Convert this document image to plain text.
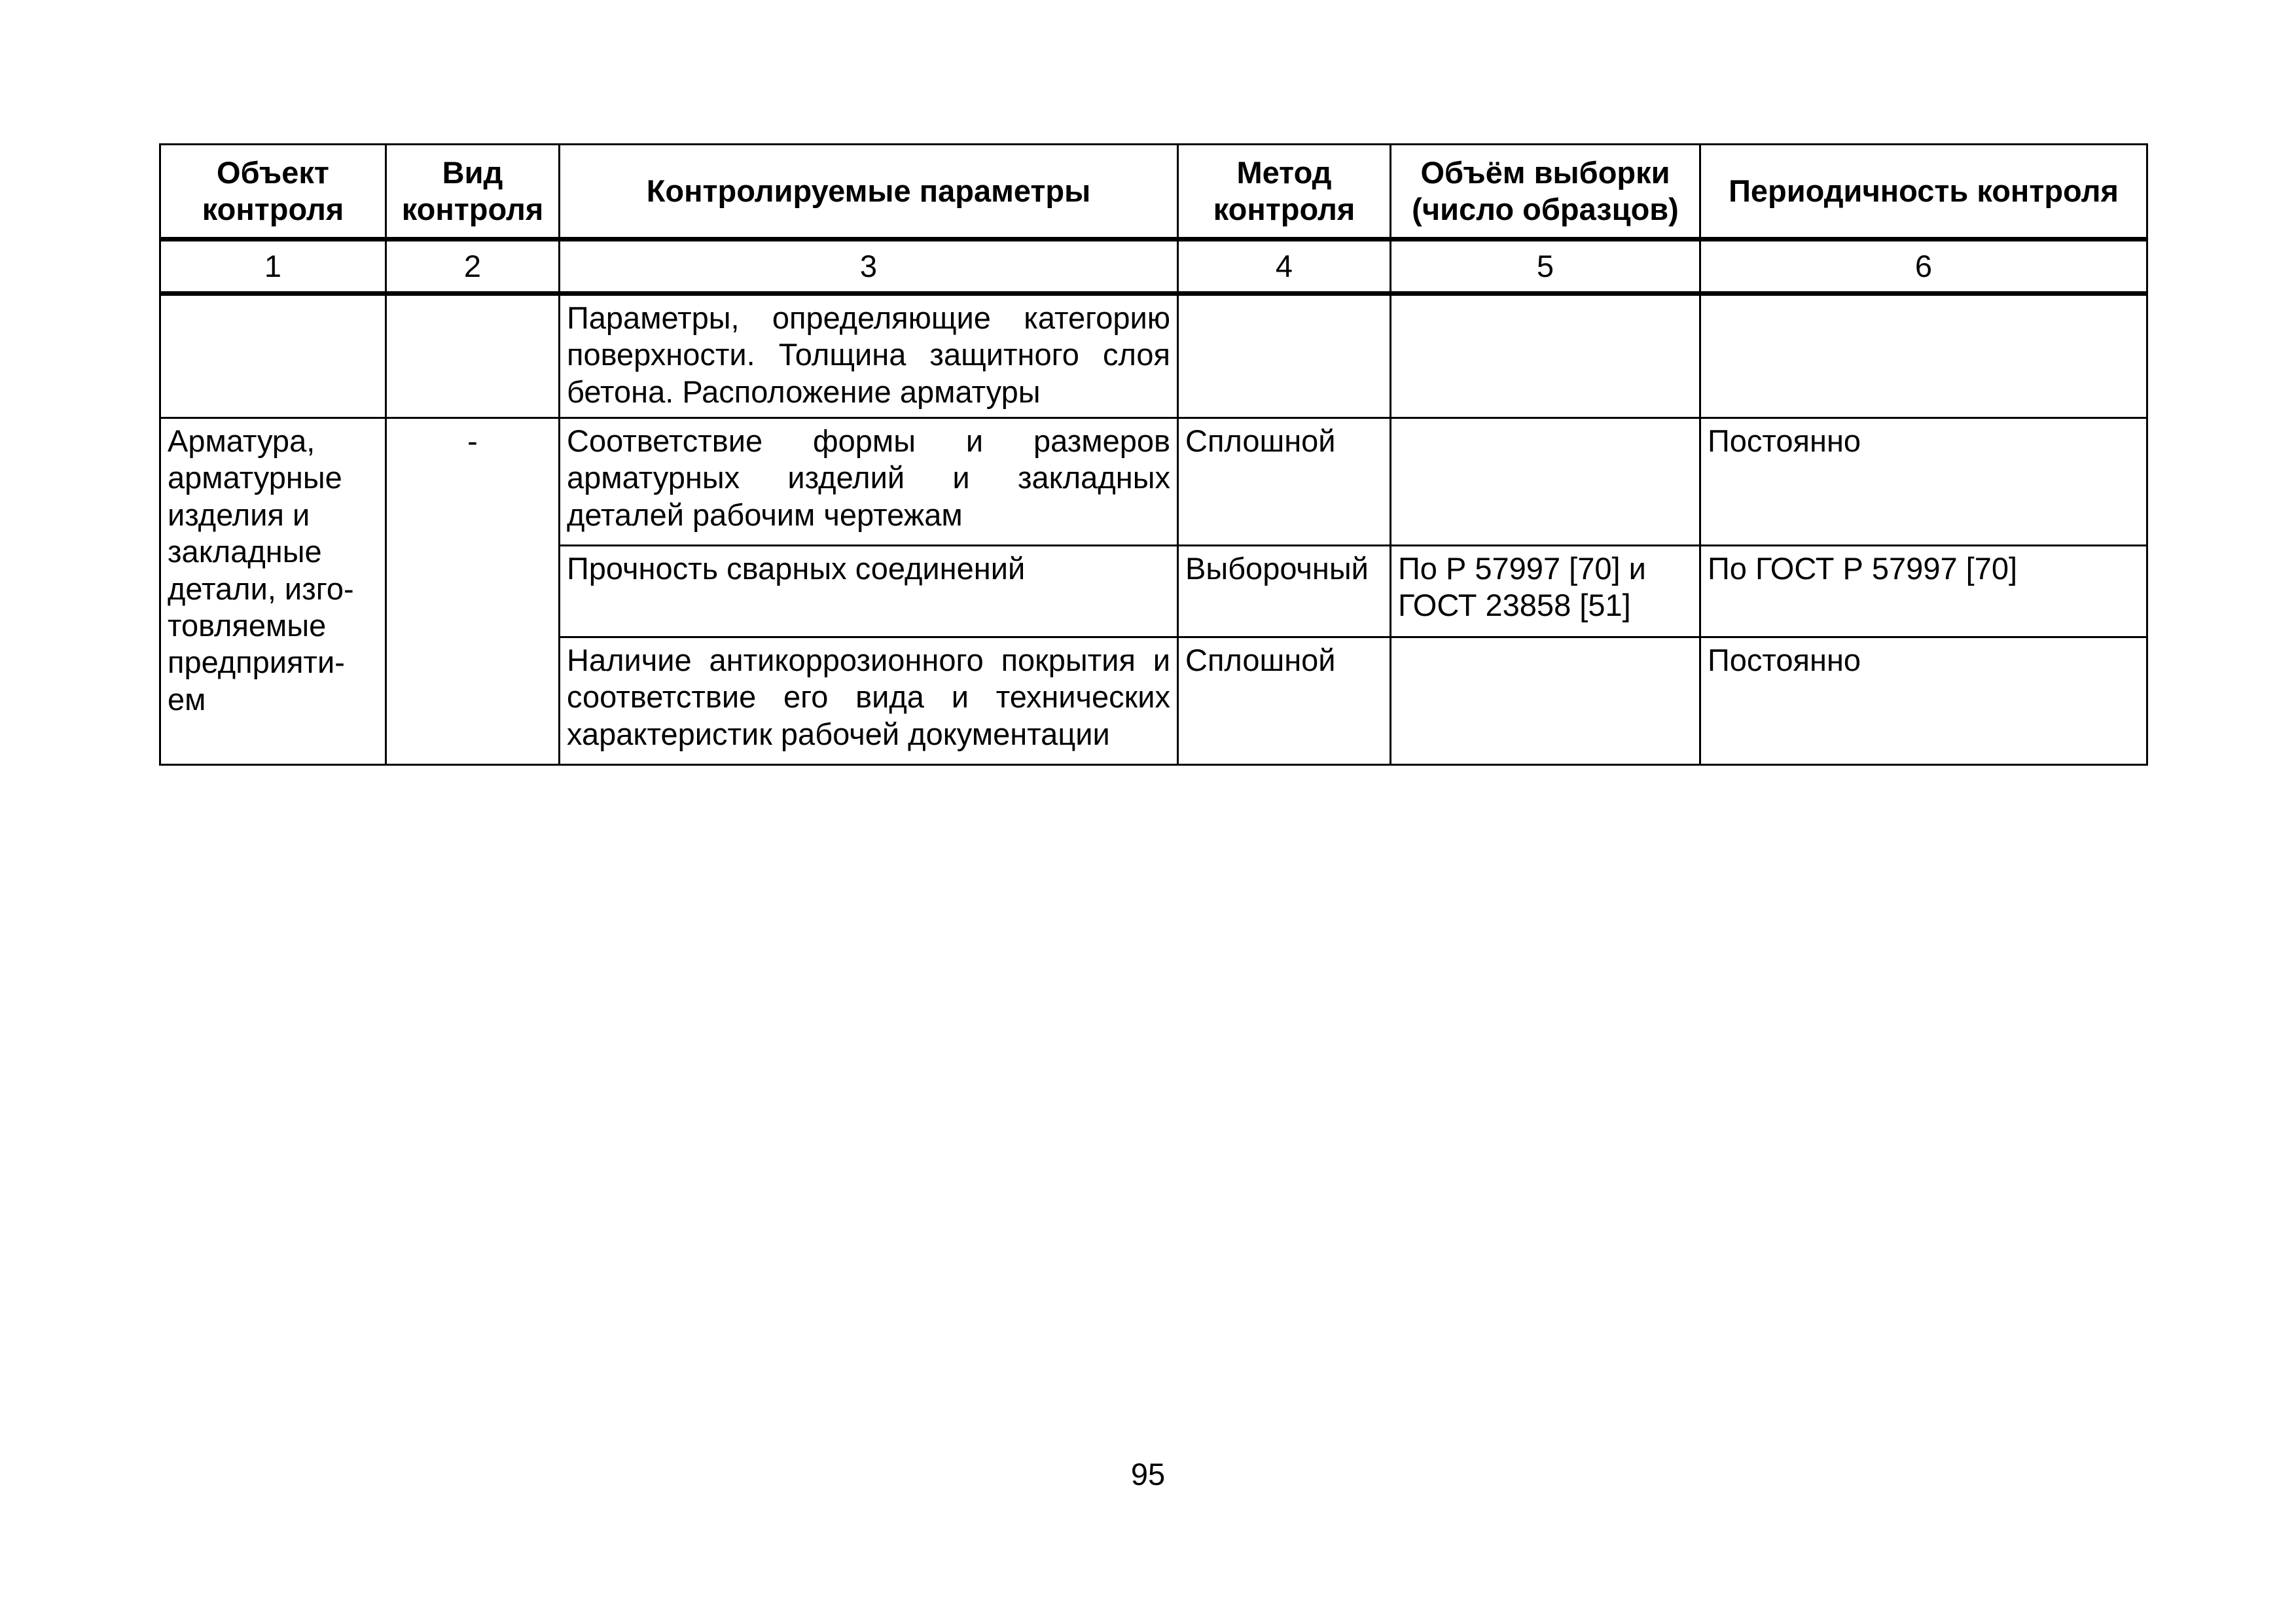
Объект контроля	Вид контроля	Контролируемые параметры	Метод контроля	Объём выборки (число образцов)	Периодичность контроля
1	2	3	4	5	6
		Параметры, определяющие категорию поверхности. Толщина защитного слоя бетона. Расположение арматуры			
Арматура, арматурные изделия и закладные детали, изго-товляемые предприяти-ем	-	Соответствие формы и размеров арматурных изделий и закладных деталей рабочим чертежам	Сплошной		Постоянно
		Прочность сварных соединений	Выборочный	По Р 57997 [70] и ГОСТ 23858 [51]	По ГОСТ Р 57997 [70]
		Наличие антикоррозионного покрытия и соответствие его вида и технических характеристик рабочей документации	Сплошной		Постоянно
95
